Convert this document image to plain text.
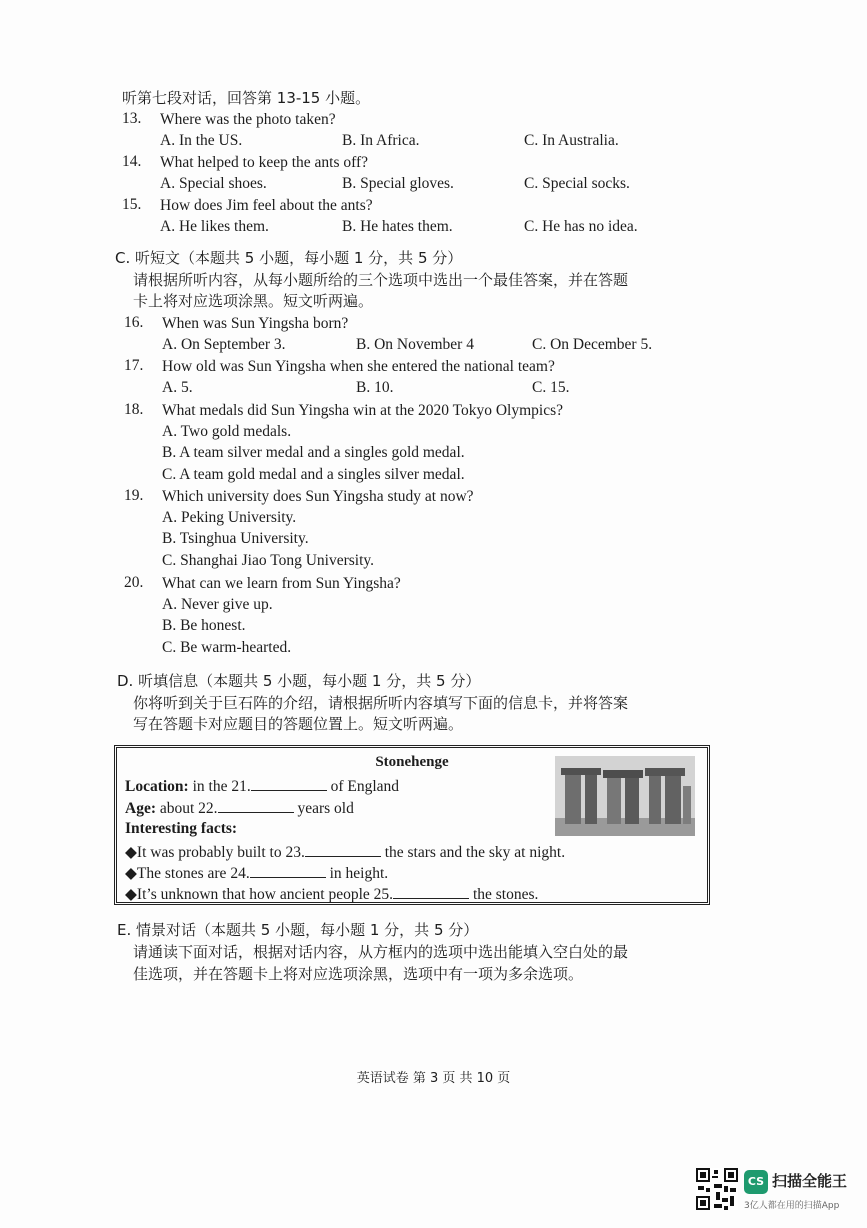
听第七段对话，回答第 13-15 小题。
13. Where was the photo taken?
A. In the US.	B. In Africa.	C. In Australia.
14. What helped to keep the ants off?
A. Special shoes.	B. Special gloves.	C. Special socks.
15. How does Jim feel about the ants?
A. He likes them.	B. He hates them.	C. He has no idea.
C. 听短文（本题共 5 小题，每小题 1 分，共 5 分）
请根据所听内容，从每小题所给的三个选项中选出一个最佳答案，并在答题
卡上将对应选项涂黑。短文听两遍。
16. When was Sun Yingsha born?
A. On September 3.	B. On November 4	C. On December 5.
17. How old was Sun Yingsha when she entered the national team?
A. 5.	B. 10.	C. 15.
18. What medals did Sun Yingsha win at the 2020 Tokyo Olympics?
A. Two gold medals.
B. A team silver medal and a singles gold medal.
C. A team gold medal and a singles silver medal.
19. Which university does Sun Yingsha study at now?
A. Peking University.
B. Tsinghua University.
C. Shanghai Jiao Tong University.
20. What can we learn from Sun Yingsha?
A. Never give up.
B. Be honest.
C. Be warm-hearted.
D. 听填信息（本题共 5 小题，每小题 1 分，共 5 分）
你将听到关于巨石阵的介绍，请根据所听内容填写下面的信息卡，并将答案
写在答题卡对应题目的答题位置上。短文听两遍。
Stonehenge
Location: in the 21.	of England
Age: about 22.	years old
Interesting facts:
◆It was probably built to 23.	the stars and the sky at night.
◆The stones are 24.	in height.
◆It’s unknown that how ancient people 25.	the stones.
E. 情景对话（本题共 5 小题，每小题 1 分，共 5 分）
请通读下面对话，根据对话内容，从方框内的选项中选出能填入空白处的最
佳选项，并在答题卡上将对应选项涂黑，选项中有一项为多余选项。
英语试卷 第 3 页 共 10 页
CS 扫描全能王
3亿人都在用的扫描App
